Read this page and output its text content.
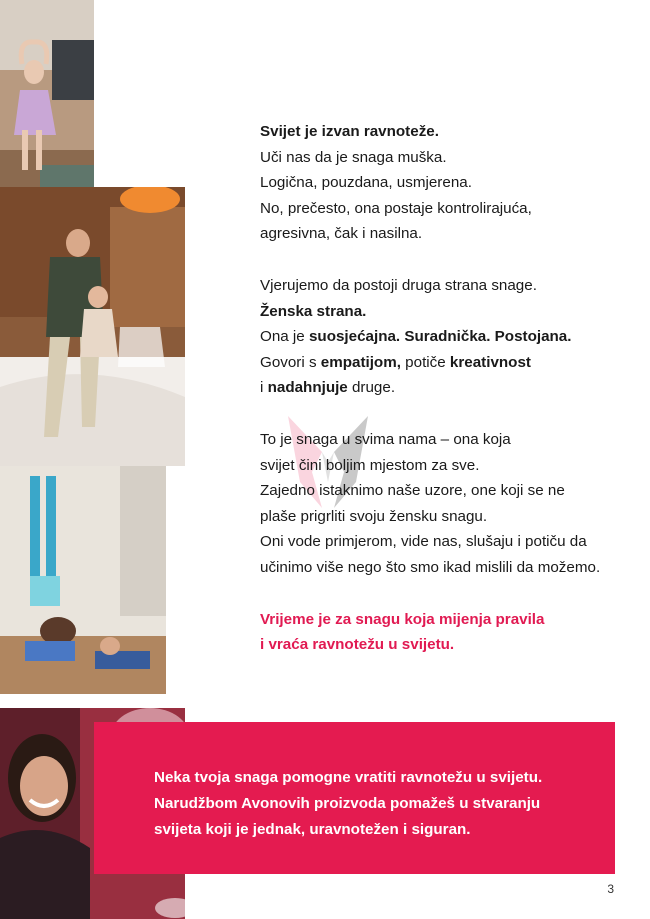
Svijet je izvan ravnoteže.
Uči nas da je snaga muška.
Logična, pouzdana, usmjerena.
No, prečesto, ona postaje kontrolirajuća,
agresivna, čak i nasilna.

Vjerujemo da postoji druga strana snage.
Ženska strana.
Ona je suosjećajna. Suradnička. Postojana.
Govori s empatijom, potiče kreativnost
i nadahnjuje druge.

To je snaga u svima nama – ona koja
svijet čini boljim mjestom za sve.
Zajedno istaknimo naše uzore, one koji se ne
plaše prigrliti svoju žensku snagu.
Oni vode primjerom, vide nas, slušaju i potiču da
učinimo više nego što smo ikad mislili da možemo.

Vrijeme je za snagu koja mijenja pravila
i vraća ravnotežu u svijetu.

Neka tvoja snaga pomogne vratiti ravnotežu u svijetu.
Narudžbom Avonovih proizvoda pomažeš u stvaranju
svijeta koji je jednak, uravnotežen i siguran.
3
